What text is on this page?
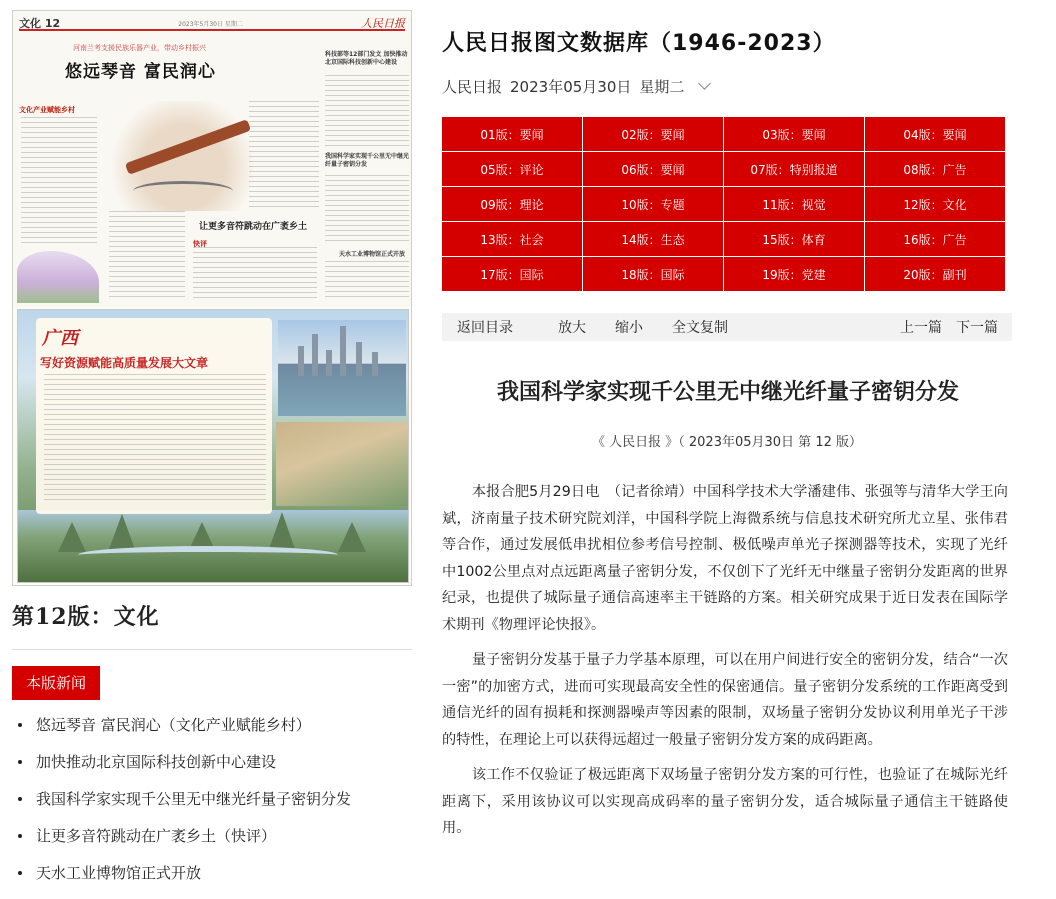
文化 12	2023年5月30日 星期二	人民日报
河南兰考支援民族乐器产业，带动乡村振兴
悠远琴音 富民润心
文化产业赋能乡村
让更多音符跳动在广袤乡土
快评
科技部等12部门发文 加快推动北京国际科技创新中心建设
我国科学家实现千公里无中继光纤量子密钥分发
天水工业博物馆正式开放
广西
写好资源赋能高质量发展大文章
第12版：文化
本版新闻
悠远琴音 富民润心（文化产业赋能乡村）
加快推动北京国际科技创新中心建设
我国科学家实现千公里无中继光纤量子密钥分发
让更多音符跳动在广袤乡土（快评）
天水工业博物馆正式开放
人民日报图文数据库（1946-2023）
人民日报 2023年05月30日 星期二
01版：要闻	02版：要闻	03版：要闻	04版：要闻
05版：评论	06版：要闻	07版：特别报道	08版：广告
09版：理论	10版：专题	11版：视觉	12版：文化
13版：社会	14版：生态	15版：体育	16版：广告
17版：国际	18版：国际	19版：党建	20版：副刊
返回目录	放大 缩小 全文复制	上一篇 下一篇
我国科学家实现千公里无中继光纤量子密钥分发
《 人民日报 》（ 2023年05月30日 第 12 版）

本报合肥5月29日电　（记者徐靖）中国科学技术大学潘建伟、张强等与清华大学王向斌，济南量子技术研究院刘洋，中国科学院上海微系统与信息技术研究所尤立星、张伟君等合作，通过发展低串扰相位参考信号控制、极低噪声单光子探测器等技术，实现了光纤中1002公里点对点远距离量子密钥分发，不仅创下了光纤无中继量子密钥分发距离的世界纪录，也提供了城际量子通信高速率主干链路的方案。相关研究成果于近日发表在国际学术期刊《物理评论快报》。

量子密钥分发基于量子力学基本原理，可以在用户间进行安全的密钥分发，结合“一次一密”的加密方式，进而可实现最高安全性的保密通信。量子密钥分发系统的工作距离受到通信光纤的固有损耗和探测器噪声等因素的限制，双场量子密钥分发协议利用单光子干涉的特性，在理论上可以获得远超过一般量子密钥分发方案的成码距离。

该工作不仅验证了极远距离下双场量子密钥分发方案的可行性，也验证了在城际光纤距离下，采用该协议可以实现高成码率的量子密钥分发，适合城际量子通信主干链路使用。
